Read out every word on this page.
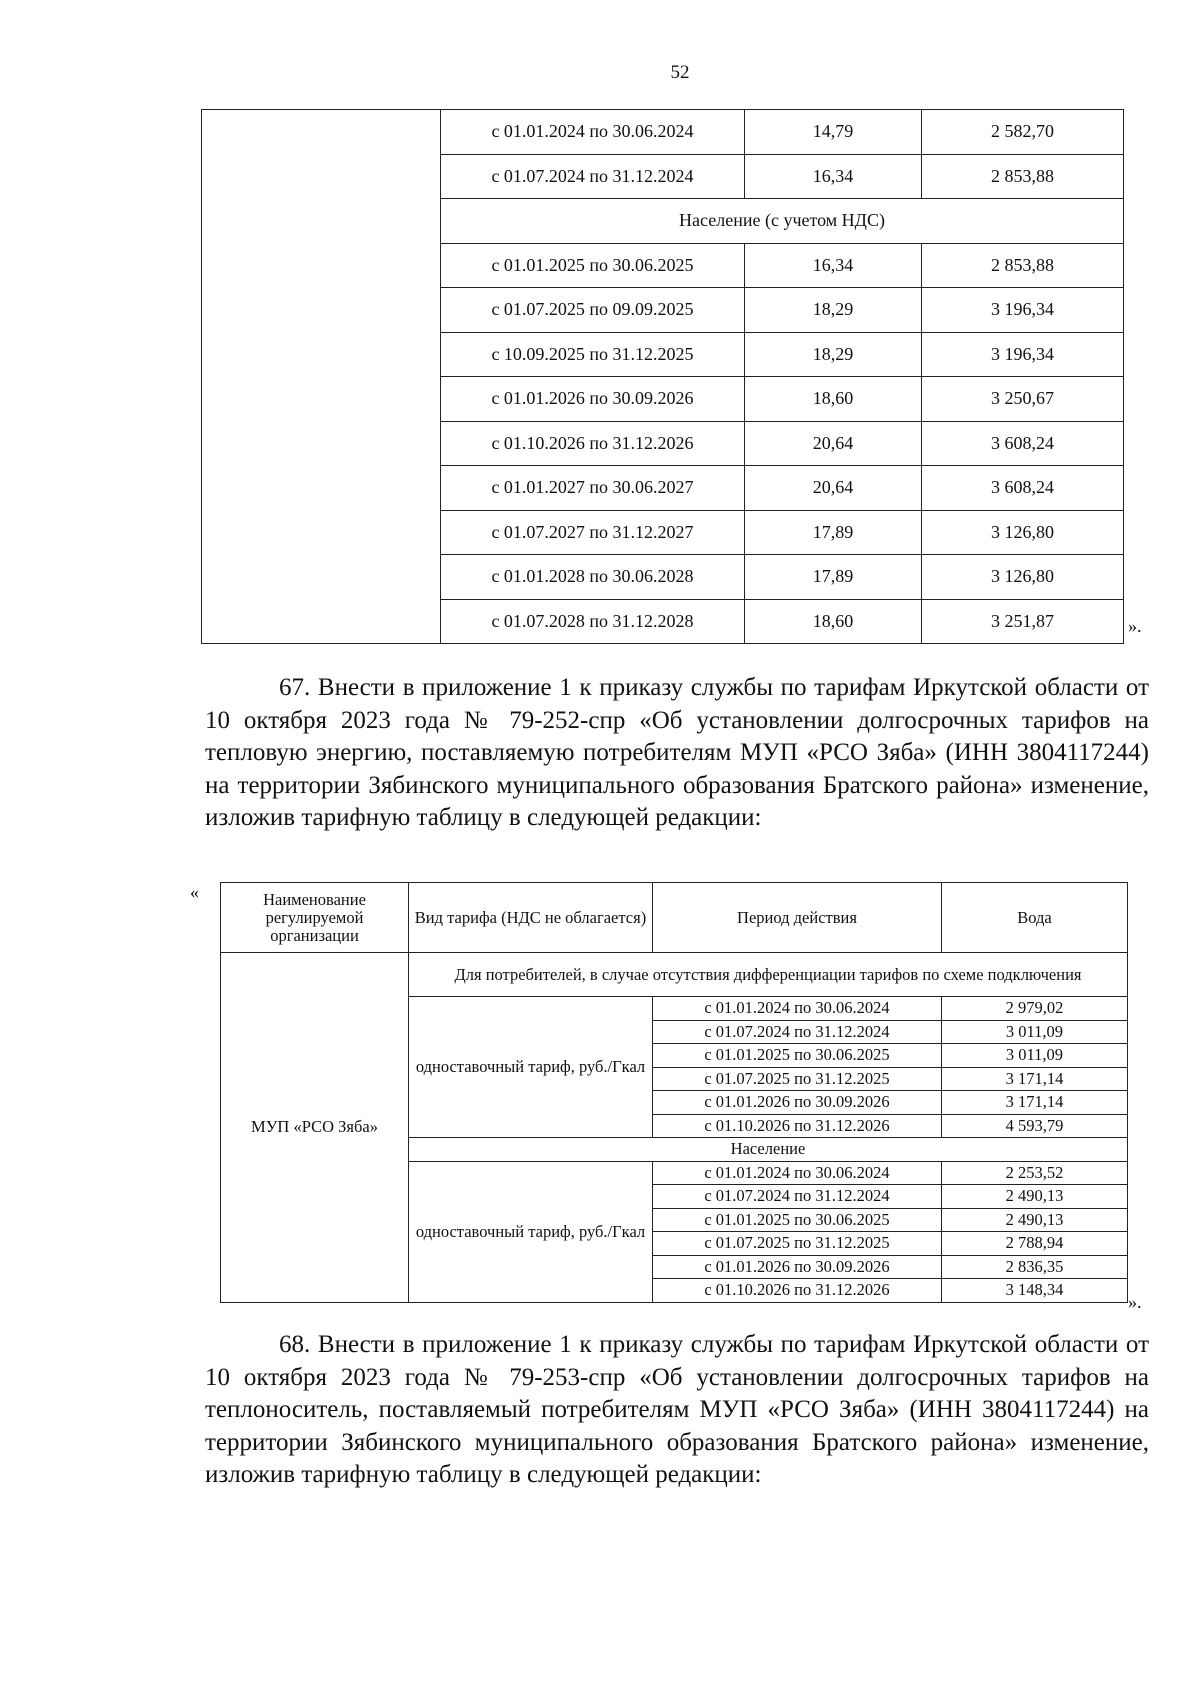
52
	с 01.01.2024 по 30.06.2024	14,79	2 582,70
	с 01.07.2024 по 31.12.2024	16,34	2 853,88
	Население (с учетом НДС)		
	с 01.01.2025 по 30.06.2025	16,34	2 853,88
	с 01.07.2025 по 09.09.2025	18,29	3 196,34
	с 10.09.2025 по 31.12.2025	18,29	3 196,34
	с 01.01.2026 по 30.09.2026	18,60	3 250,67
	с 01.10.2026 по 31.12.2026	20,64	3 608,24
	с 01.01.2027 по 30.06.2027	20,64	3 608,24
	с 01.07.2027 по 31.12.2027	17,89	3 126,80
	с 01.01.2028 по 30.06.2028	17,89	3 126,80
	с 01.07.2028 по 31.12.2028	18,60	3 251,87	».

67. Внести в приложение 1 к приказу службы по тарифам Иркутской области от 10 октября 2023 года № 79-252-спр «Об установлении долгосрочных тарифов на тепловую энергию, поставляемую потребителям МУП «РСО Зяба» (ИНН 3804117244) на территории Зябинского муниципального образования Братского района» изменение, изложив тарифную таблицу в следующей редакции:

«	Наименование регулируемой организации	Вид тарифа (НДС не облагается)	Период действия	Вода
МУП «РСО Зяба»	Для потребителей, в случае отсутствия дифференциации тарифов по схеме подключения		
	одноставочный тариф, руб./Гкал	с 01.01.2024 по 30.06.2024	2 979,02
		с 01.07.2024 по 31.12.2024	3 011,09
		с 01.01.2025 по 30.06.2025	3 011,09
		с 01.07.2025 по 31.12.2025	3 171,14
		с 01.01.2026 по 30.09.2026	3 171,14
		с 01.10.2026 по 31.12.2026	4 593,79
	Население		
	одноставочный тариф, руб./Гкал	с 01.01.2024 по 30.06.2024	2 253,52
		с 01.07.2024 по 31.12.2024	2 490,13
		с 01.01.2025 по 30.06.2025	2 490,13
		с 01.07.2025 по 31.12.2025	2 788,94
		с 01.01.2026 по 30.09.2026	2 836,35
		с 01.10.2026 по 31.12.2026	3 148,34
».

68. Внести в приложение 1 к приказу службы по тарифам Иркутской области от 10 октября 2023 года № 79-253-спр «Об установлении долгосрочных тарифов на теплоноситель, поставляемый потребителям МУП «РСО Зяба» (ИНН 3804117244) на территории Зябинского муниципального образования Братского района» изменение, изложив тарифную таблицу в следующей редакции:
